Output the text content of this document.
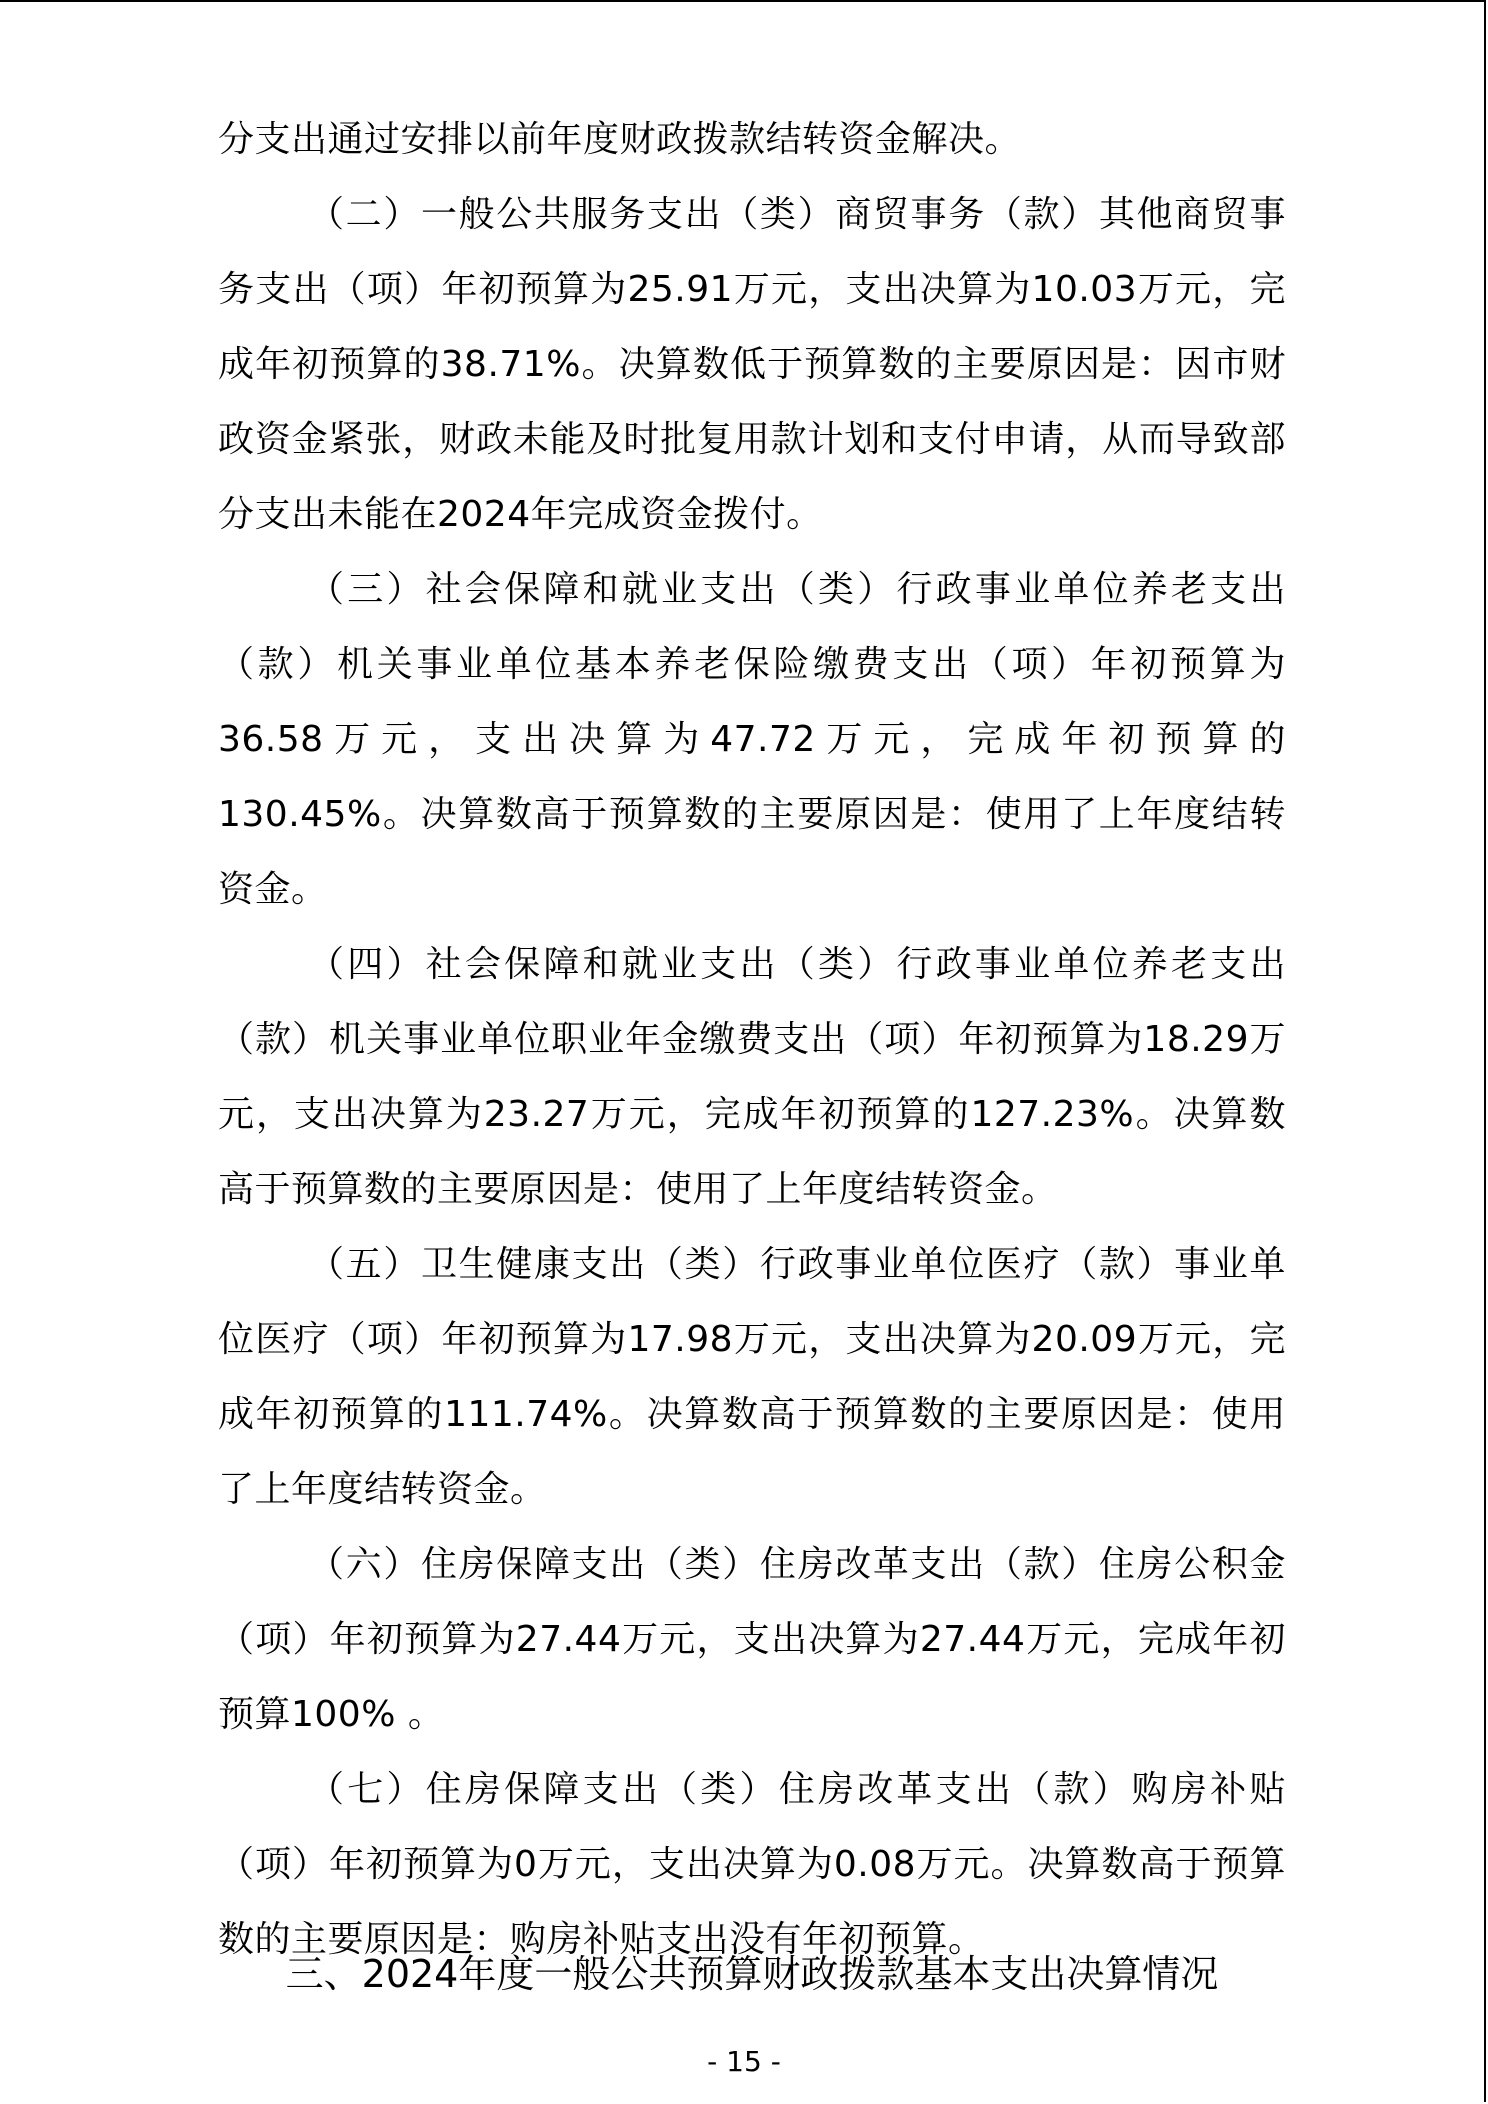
分支出通过安排以前年度财政拨款结转资金解决。

（二）一般公共服务支出（类）商贸事务（款）其他商贸事务支出（项）年初预算为25.91万元，支出决算为10.03万元，完成年初预算的38.71%。决算数低于预算数的主要原因是：因市财政资金紧张，财政未能及时批复用款计划和支付申请，从而导致部分支出未能在2024年完成资金拨付。

（三）社会保障和就业支出（类）行政事业单位养老支出（款）机关事业单位基本养老保险缴费支出（项）年初预算为36.58万元，支出决算为47.72万元，完成年初预算的130.45%。决算数高于预算数的主要原因是：使用了上年度结转资金。

（四）社会保障和就业支出（类）行政事业单位养老支出（款）机关事业单位职业年金缴费支出（项）年初预算为18.29万元，支出决算为23.27万元，完成年初预算的127.23%。决算数高于预算数的主要原因是：使用了上年度结转资金。

（五）卫生健康支出（类）行政事业单位医疗（款）事业单位医疗（项）年初预算为17.98万元，支出决算为20.09万元，完成年初预算的111.74%。决算数高于预算数的主要原因是：使用了上年度结转资金。

（六）住房保障支出（类）住房改革支出（款）住房公积金（项）年初预算为27.44万元，支出决算为27.44万元，完成年初预算100% 。

（七）住房保障支出（类）住房改革支出（款）购房补贴（项）年初预算为0万元，支出决算为0.08万元。决算数高于预算数的主要原因是：购房补贴支出没有年初预算。

三、2024年度一般公共预算财政拨款基本支出决算情况
- 15 -
